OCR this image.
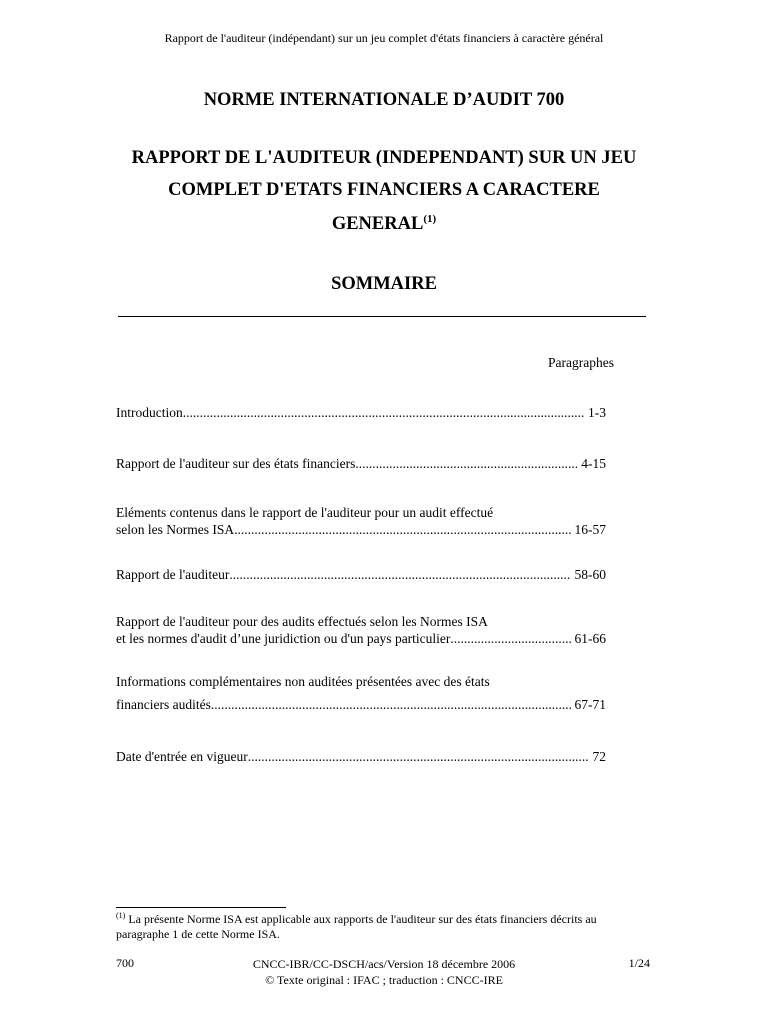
Rapport de l'auditeur (indépendant) sur un jeu complet d'états financiers à caractère général
NORME INTERNATIONALE D’AUDIT 700
RAPPORT DE L'AUDITEUR (INDEPENDANT) SUR UN JEU
COMPLET D'ETATS FINANCIERS A CARACTERE
GENERAL$^{(1)}$
SOMMAIRE
Paragraphes
Introduction .....	1-3
Rapport de l'auditeur sur des états financiers .....	4-15
Eléments contenus dans le rapport de l'auditeur pour un audit effectué
selon les Normes ISA .....	16-57
Rapport de l'auditeur .....	58-60
Rapport de l'auditeur pour des audits effectués selon les Normes ISA
et les normes d'audit d’une juridiction ou d'un pays particulier .....	61-66
Informations complémentaires non auditées présentées avec des états
financiers audités .....	67-71
Date d'entrée en vigueur .....	72
$^{(1)}$ La présente Norme ISA est applicable aux rapports de l'auditeur sur des états financiers décrits au paragraphe 1 de cette Norme ISA.
700	CNCC-IBR/CC-DSCH/acs/Version 18 décembre 2006
© Texte original : IFAC ; traduction : CNCC-IRE
1/24
